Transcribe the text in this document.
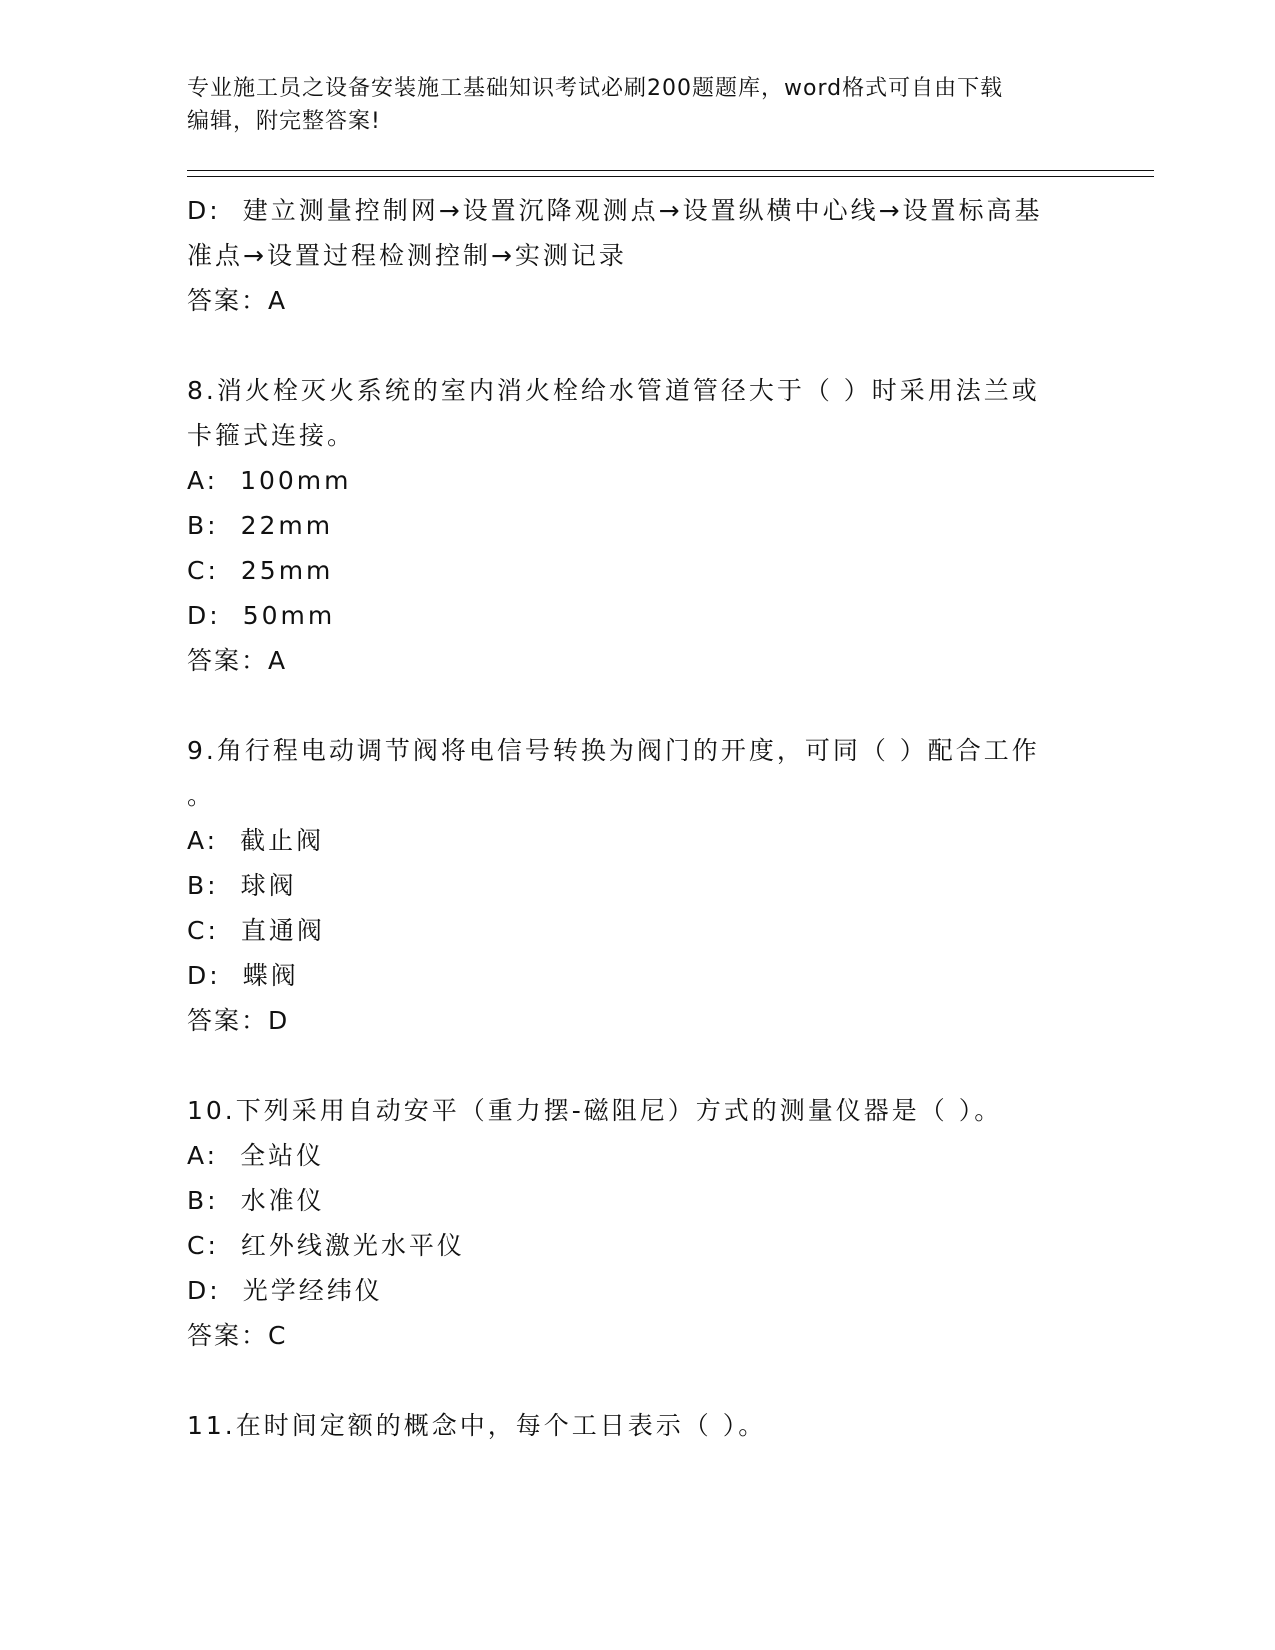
专业施工员之设备安装施工基础知识考试必刷200题题库，word格式可自由下载
编辑，附完整答案!
D: 建立测量控制网→设置沉降观测点→设置纵横中心线→设置标高基
准点→设置过程检测控制→实测记录
答案：A
8.消火栓灭火系统的室内消火栓给水管道管径大于（ ）时采用法兰或
卡箍式连接。
A: 100mm
B: 22mm
C: 25mm
D: 50mm
答案：A
9.角行程电动调节阀将电信号转换为阀门的开度，可同（ ）配合工作
。
A: 截止阀
B: 球阀
C: 直通阀
D: 蝶阀
答案：D
10.下列采用自动安平（重力摆-磁阻尼）方式的测量仪器是（ ）。
A: 全站仪
B: 水准仪
C: 红外线激光水平仪
D: 光学经纬仪
答案：C
11.在时间定额的概念中，每个工日表示（ ）。
